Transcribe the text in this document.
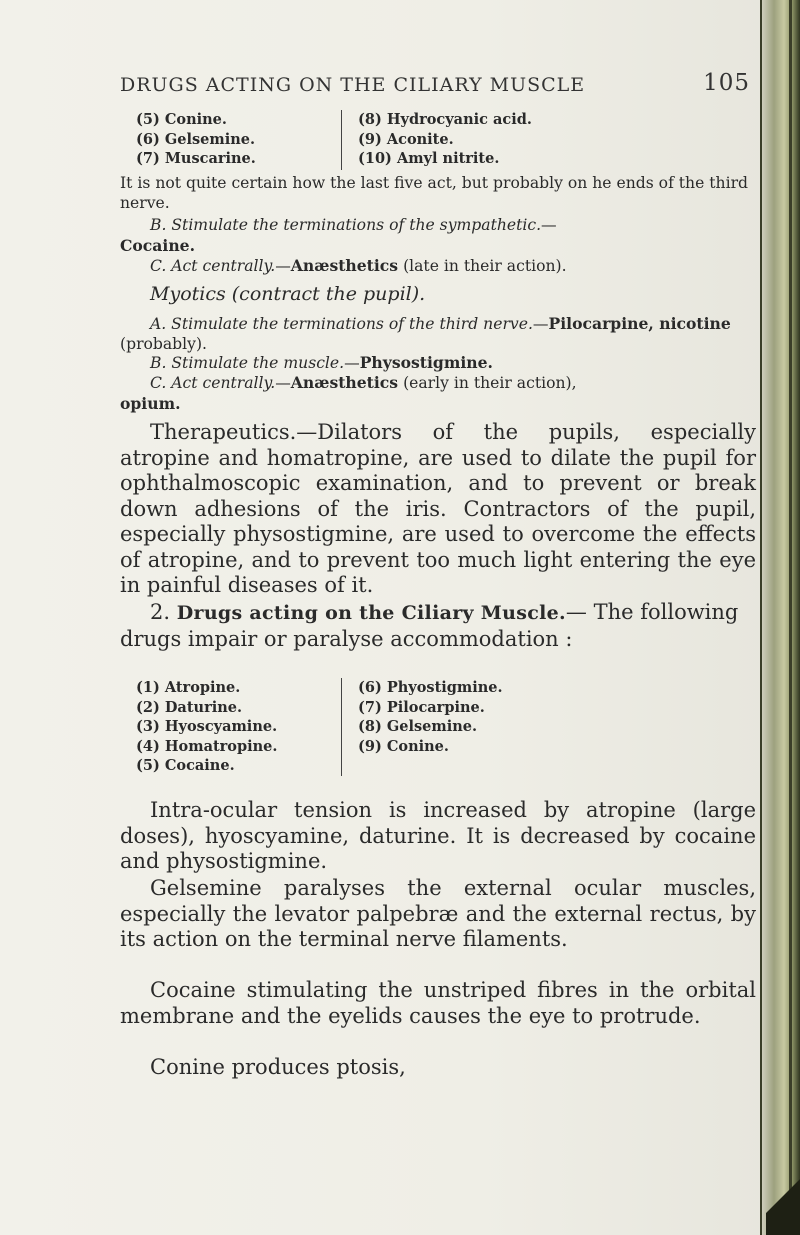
DRUGS ACTING ON THE CILIARY MUSCLE	105
(5) Conine.
(6) Gelsemine.
(7) Muscarine.
(8) Hydrocyanic acid.
(9) Aconite.
(10) Amyl nitrite.
It is not quite certain how the last five act, but probably on he ends of the third nerve.
B. Stimulate the terminations of the sympathetic.—
Cocaine.
C. Act centrally.—Anæsthetics (late in their action).
Myotics (contract the pupil).
A. Stimulate the terminations of the third nerve.—Pilocarpine, nicotine (probably).
B. Stimulate the muscle.—Physostigmine.
C. Act centrally.—Anæsthetics (early in their action),
opium.
Therapeutics.—Dilators of the pupils, especially atropine and homatropine, are used to dilate the pupil for ophthalmoscopic examination, and to prevent or break down adhesions of the iris. Contractors of the pupil, especially physostigmine, are used to overcome the effects of atropine, and to prevent too much light entering the eye in painful diseases of it.
2. Drugs acting on the Ciliary Muscle.— The following drugs impair or paralyse accommodation :
(1) Atropine.
(2) Daturine.
(3) Hyoscyamine.
(4) Homatropine.
(5) Cocaine.
(6) Phyostigmine.
(7) Pilocarpine.
(8) Gelsemine.
(9) Conine.
Intra-ocular tension is increased by atropine (large doses), hyoscyamine, daturine. It is decreased by cocaine and physostigmine.
Gelsemine paralyses the external ocular muscles, especially the levator palpebræ and the external rectus, by its action on the terminal nerve filaments.
Cocaine stimulating the unstriped fibres in the orbital membrane and the eyelids causes the eye to protrude.
Conine produces ptosis,
